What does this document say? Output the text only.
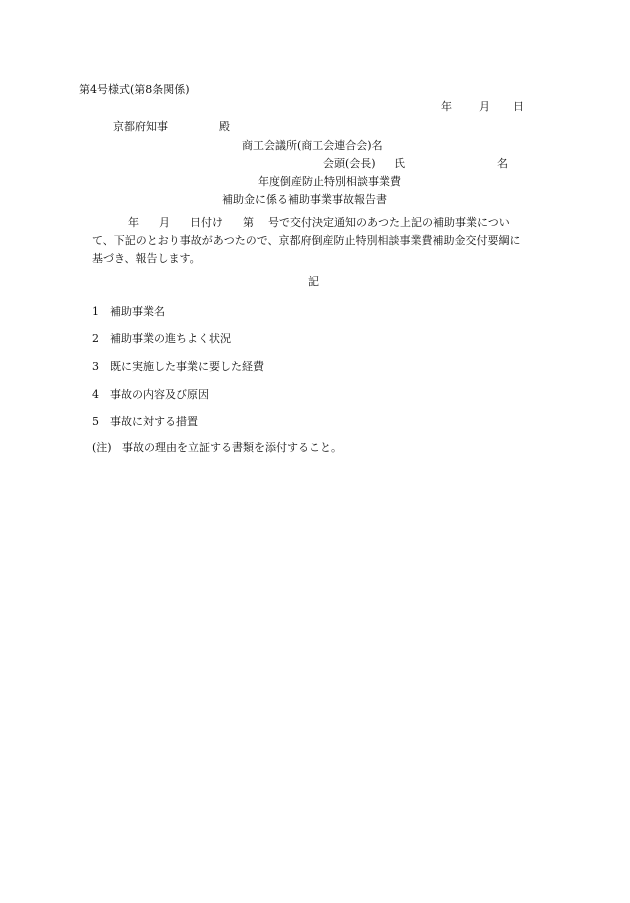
第4号様式(第8条関係)
年 月 日
京都府知事	殿
商工会議所(商工会連合会)名
会頭(会長) 氏	名
年度倒産防止特別相談事業費
補助金に係る補助事業事故報告書
年 月 日付け 第 号で交付決定通知のあつた上記の補助事業につい
て、下記のとおり事故があつたので、京都府倒産防止特別相談事業費補助金交付要綱に
基づき、報告します。
記
1 補助事業名
2 補助事業の進ちよく状況
3 既に実施した事業に要した経費
4 事故の内容及び原因
5 事故に対する措置
(注) 事故の理由を立証する書類を添付すること。
